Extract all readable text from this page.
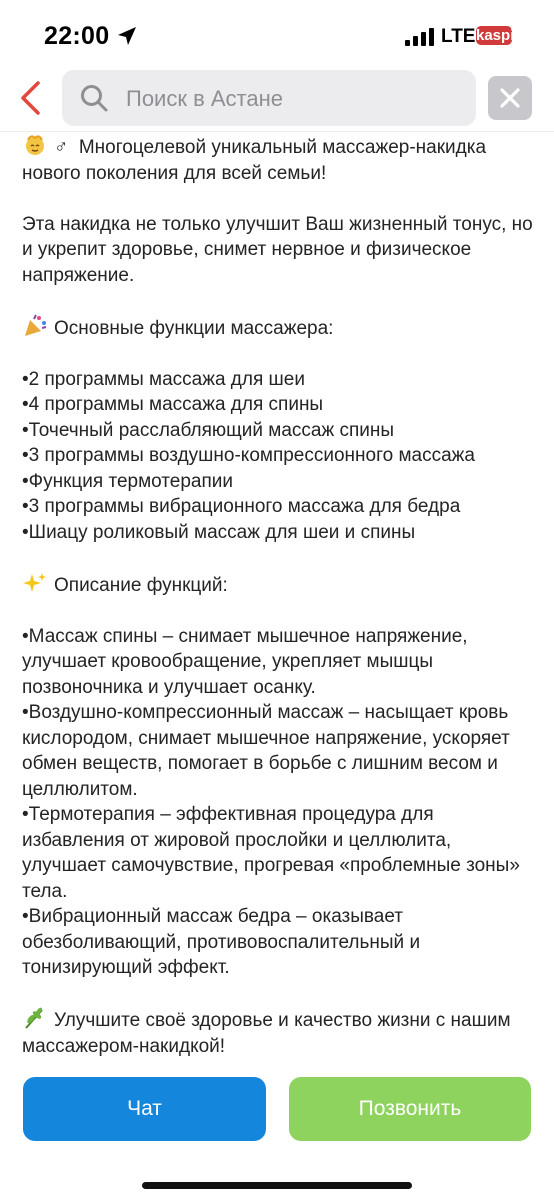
22:00	LTE kaspi.kz
Поиск в Астане

♂ Многоцелевой уникальный массажер-накидка нового поколения для всей семьи!

Эта накидка не только улучшит Ваш жизненный тонус, но и укрепит здоровье, снимет нервное и физическое напряжение.

Основные функции массажера:

•2 программы массажа для шеи

•4 программы массажа для спины

•Точечный расслабляющий массаж спины

•3 программы воздушно-компрессионного массажа

•Функция термотерапии

•3 программы вибрационного массажа для бедра

•Шиацу роликовый массаж для шеи и спины

Описание функций:

•Массаж спины – снимает мышечное напряжение, улучшает кровообращение, укрепляет мышцы позвоночника и улучшает осанку.

•Воздушно-компрессионный массаж – насыщает кровь кислородом, снимает мышечное напряжение, ускоряет обмен веществ, помогает в борьбе с лишним весом и целлюлитом.

•Термотерапия – эффективная процедура для избавления от жировой прослойки и целлюлита, улучшает самочувствие, прогревая «проблемные зоны» тела.

•Вибрационный массаж бедра – оказывает обезболивающий, противовоспалительный и тонизирующий эффект.

Улучшите своё здоровье и качество жизни с нашим массажером-накидкой!

Чат	Позвонить
